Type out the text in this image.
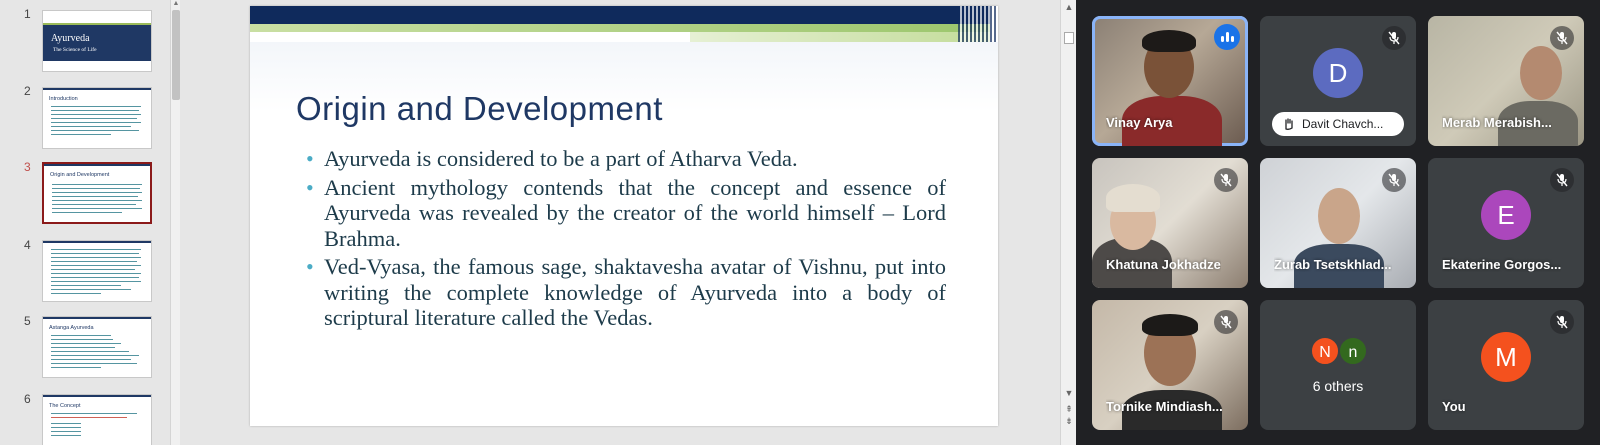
1
Ayurveda
The Science of Life
2
Introduction
3
Origin and Development
4
5	Astanga Ayurveda
6	The Concept
▲
Origin and Development
• Ayurveda is considered to be a part of Atharva Veda.
• Ancient mythology contends that the concept and essence of Ayurveda was revealed by the creator of the world himself – Lord Brahma.
• Ved-Vyasa, the famous sage, shaktavesha avatar of Vishnu, put into writing the complete knowledge of Ayurveda into a body of scriptural literature called the Vedas.
▲
▼
⇞
⇟
Vinay Arya
D
Davit Chavch...	Merab Merabish...
Khatuna Jokhadze	Zurab Tsetskhlad...
E
Ekaterine Gorgos...
Tornike Mindiash...
N	n
6 others
M
You
